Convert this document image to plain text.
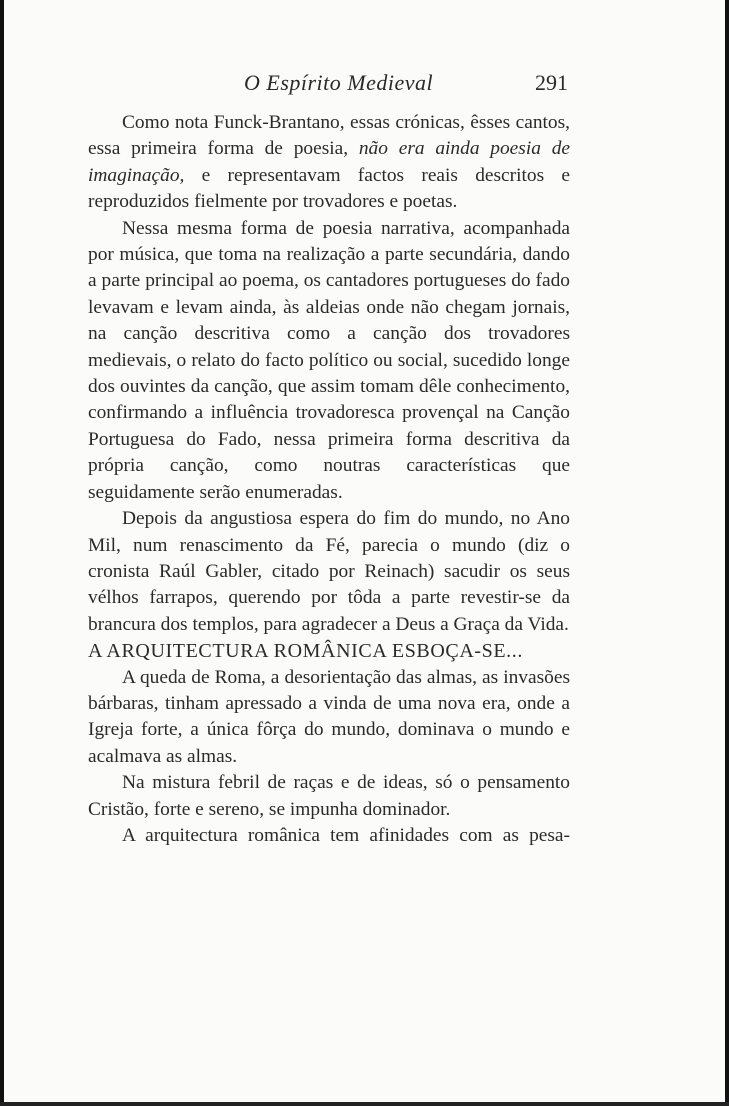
O Espírito Medieval	291

Como nota Funck-Brantano, essas crónicas, êsses cantos, essa primeira forma de poesia, não era ainda poesia de imaginação, e representavam factos reais descritos e reproduzidos fielmente por trovadores e poetas.

Nessa mesma forma de poesia narrativa, acompanhada por música, que toma na realização a parte secundária, dando a parte principal ao poema, os cantadores portugueses do fado levavam e levam ainda, às aldeias onde não chegam jornais, na canção descritiva como a canção dos trovadores medievais, o relato do facto político ou social, sucedido longe dos ouvintes da canção, que assim tomam dêle conhecimento, confirmando a influência trovadoresca provençal na Canção Portuguesa do Fado, nessa primeira forma descritiva da própria canção, como noutras características que seguidamente serão enumeradas.

Depois da angustiosa espera do fim do mundo, no Ano Mil, num renascimento da Fé, parecia o mundo (diz o cronista Raúl Gabler, citado por Reinach) sacudir os seus vélhos farrapos, querendo por tôda a parte revestir-se da brancura dos templos, para agradecer a Deus a Graça da Vida.

A ARQUITECTURA ROMÂNICA ESBOÇA-SE...

A queda de Roma, a desorientação das almas, as invasões bárbaras, tinham apressado a vinda de uma nova era, onde a Igreja forte, a única fôrça do mundo, dominava o mundo e acalmava as almas.

Na mistura febril de raças e de ideas, só o pensamento Cristão, forte e sereno, se impunha dominador.

A arquitectura românica tem afinidades com as pesa-
